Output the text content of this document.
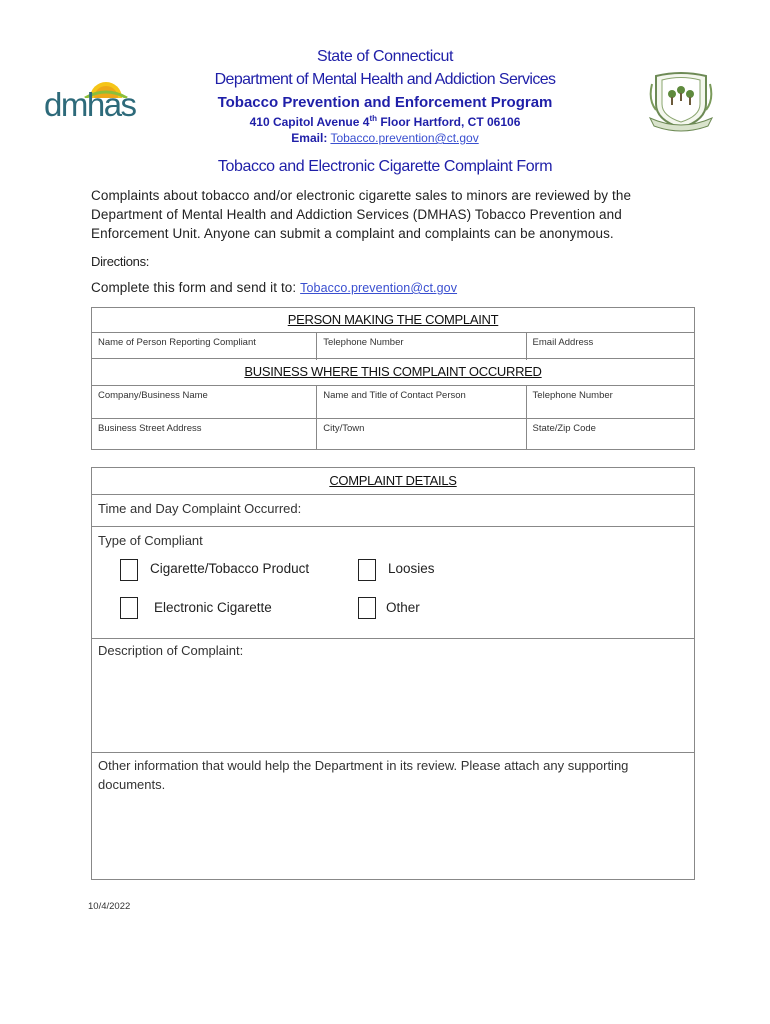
dmhas
State of Connecticut
Department of Mental Health and Addiction Services
Tobacco Prevention and Enforcement Program
410 Capitol Avenue 4th Floor Hartford, CT 06106
Email: Tobacco.prevention@ct.gov
Tobacco and Electronic Cigarette Complaint Form
Complaints about tobacco and/or electronic cigarette sales to minors are reviewed by the Department of Mental Health and Addiction Services (DMHAS) Tobacco Prevention and Enforcement Unit. Anyone can submit a complaint and complaints can be anonymous.
Directions:
Complete this form and send it to: Tobacco.prevention@ct.gov
PERSON MAKING THE COMPLAINT
Name of Person Reporting Compliant	Telephone Number	Email Address
BUSINESS WHERE THIS COMPLAINT OCCURRED
Company/Business Name	Name and Title of Contact Person	Telephone Number
Business Street Address	City/Town	State/Zip Code
COMPLAINT DETAILS
Time and Day Complaint Occurred:
Type of Compliant
Cigarette/Tobacco Product	Loosies
Electronic Cigarette	Other
Description of Complaint:
Other information that would help the Department in its review. Please attach any supporting documents.
10/4/2022
